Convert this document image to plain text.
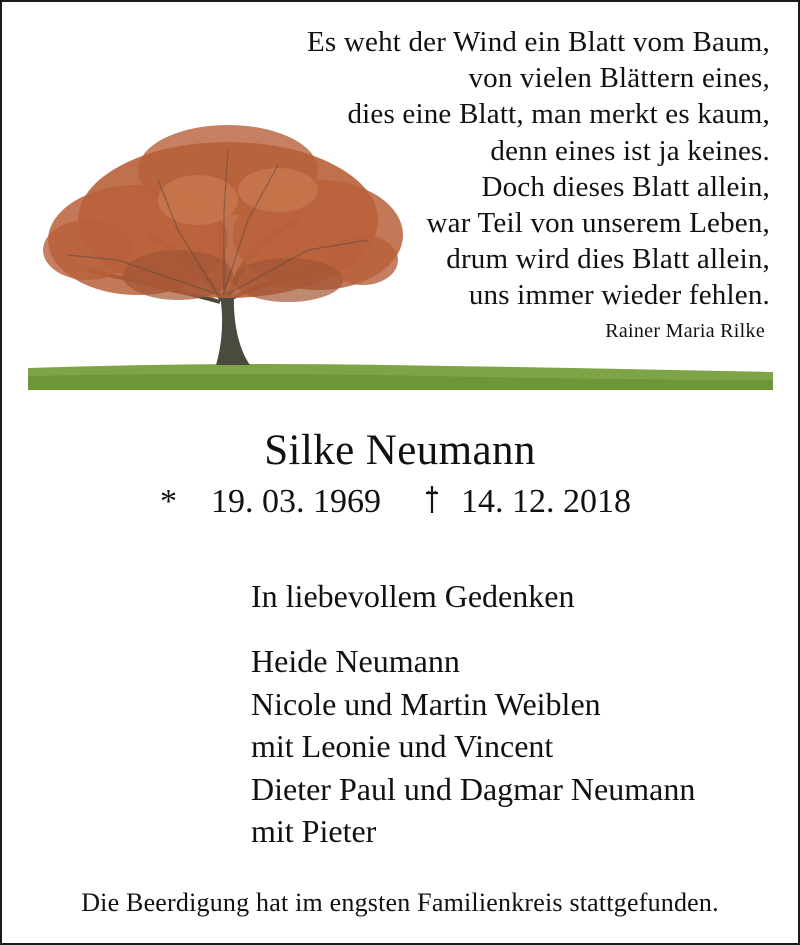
Es weht der Wind ein Blatt vom Baum,
von vielen Blättern eines,
dies eine Blatt, man merkt es kaum,
denn eines ist ja keines.
Doch dieses Blatt allein,
war Teil von unserem Leben,
drum wird dies Blatt allein,
uns immer wieder fehlen.
Rainer Maria Rilke
Silke Neumann
* 19. 03. 1969 14. 12. 2018
In liebevollem Gedenken
Heide Neumann
Nicole und Martin Weiblen
mit Leonie und Vincent
Dieter Paul und Dagmar Neumann
mit Pieter
Die Beerdigung hat im engsten Familienkreis stattgefunden.
